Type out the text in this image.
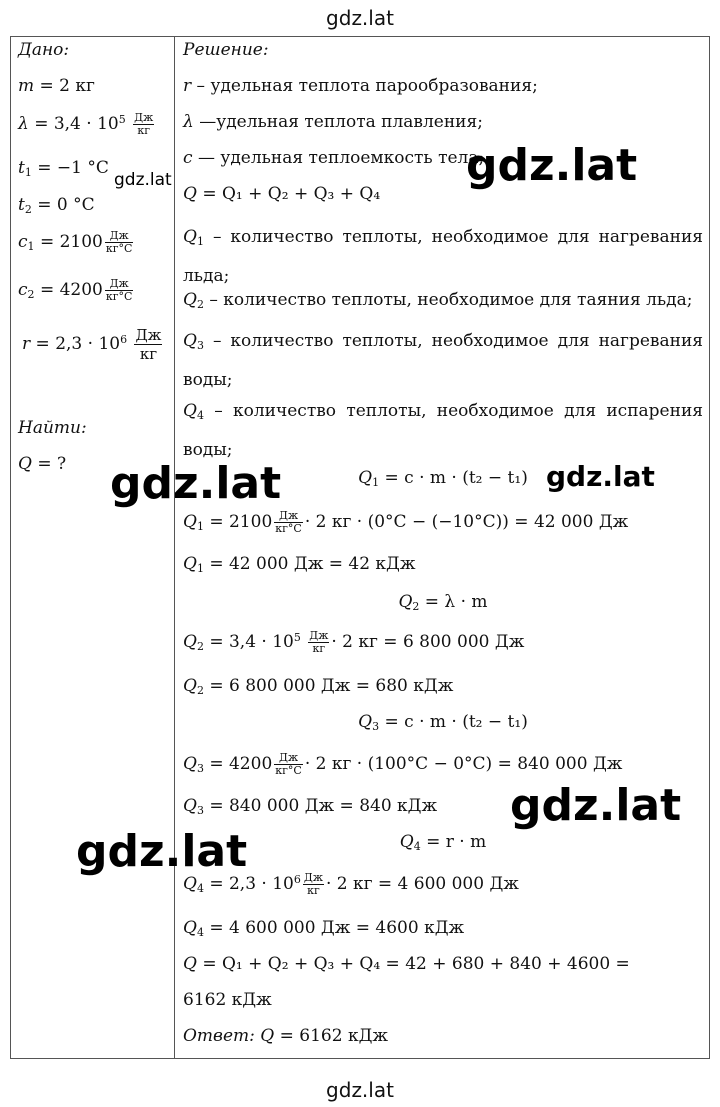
gdz.lat
Дано:
m = 2 кг
$\lambda = 3,4 \cdot 10^5 \frac{Дж}{кг}$
$t_1 = -1$ °С
$t_2 = 0$ °С
$c_1 = 2100 \frac{Дж}{кг^\circ С}$
$c_2 = 4200 \frac{Дж}{кг^\circ С}$
$r = 2,3 \cdot 10^6 \frac{Дж}{кг}$
Найти:
Q = ?
Решение:
r – удельная теплота парообразования;
λ —удельная теплота плавления;
c — удельная теплоемкость тела;
Q = Q₁ + Q₂ + Q₃ + Q₄
$Q_1$ – количество теплоты, необходимое для нагревания льда;
$Q_2$ – количество теплоты, необходимое для таяния льда;
$Q_3$ – количество теплоты, необходимое для нагревания воды;
$Q_4$ – количество теплоты, необходимое для испарения воды;
$Q_1 = c \cdot m \cdot (t_2 - t_1)$
$Q_1 = 2100 \frac{Дж}{кг^\circ С} \cdot 2$ кг · (0°С − (−10°С)) = 42 000 Дж
$Q_1 = 42$ 000 Дж = 42 кДж
$Q_2 = \lambda \cdot m$
$Q_2 = 3,4 \cdot 10^5 \frac{Дж}{кг} \cdot 2$ кг = 6 800 000 Дж
$Q_2 = 6$ 800 000 Дж = 680 кДж
$Q_3 = c \cdot m \cdot (t_2 - t_1)$
$Q_3 = 4200 \frac{Дж}{кг^\circ С} \cdot 2$ кг · (100°С − 0°С) = 840 000 Дж
$Q_3 = 840$ 000 Дж = 840 кДж
$Q_4 = r \cdot m$
$Q_4 = 2,3 \cdot 10^6 \frac{Дж}{кг} \cdot 2$ кг = 4 600 000 Дж
$Q_4 = 4$ 600 000 Дж = 4600 кДж
Q = Q₁ + Q₂ + Q₃ + Q₄ = 42 + 680 + 840 + 4600 =
6162 кДж
Ответ: Q = 6162 кДж
gdz.lat
gdz.lat
gdz.lat	gdz.lat
gdz.lat
gdz.lat
gdz.lat
